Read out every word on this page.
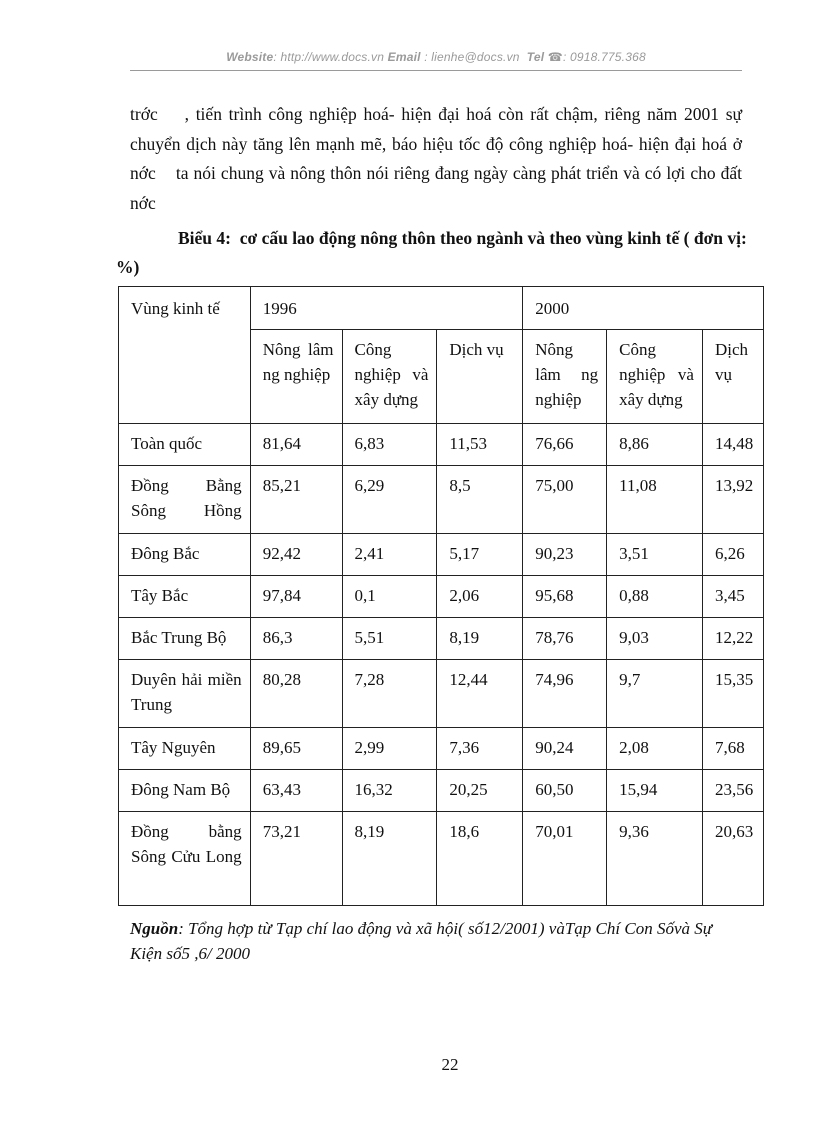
Website: http://www.docs.vn Email : lienhe@docs.vn Tel ☎: 0918.775.368
trớc    , tiến trình công nghiệp hoá- hiện đại hoá còn rất chậm, riêng năm 2001 sự chuyển dịch này tăng lên mạnh mẽ, báo hiệu tốc độ công nghiệp hoá- hiện đại hoá ở nớc    ta nói chung và nông thôn nói riêng đang ngày càng phát triển và có lợi cho đất nớc
Biểu 4:  cơ cấu lao động nông thôn theo ngành và theo vùng kinh tế ( đơn vị:   %)
Vùng kinh tế	1996			2000		
	Nông lâm ng nghiệp	Công nghiệp và xây dựng	Dịch vụ	Nông lâm ng nghiệp	Công nghiệp và xây dựng	Dịch vụ
Toàn quốc	81,64	6,83	11,53	76,66	8,86	14,48
Đồng Bằng Sông Hồng	85,21	6,29	8,5	75,00	11,08	13,92
Đông Bắc	92,42	2,41	5,17	90,23	3,51	6,26
Tây Bắc	97,84	0,1	2,06	95,68	0,88	3,45
Bắc Trung Bộ	86,3	5,51	8,19	78,76	9,03	12,22
Duyên hải miền Trung	80,28	7,28	12,44	74,96	9,7	15,35
Tây Nguyên	89,65	2,99	7,36	90,24	2,08	7,68
Đông Nam Bộ	63,43	16,32	20,25	60,50	15,94	23,56
Đồng bằng Sông Cửu Long	73,21	8,19	18,6	70,01	9,36	20,63
Nguồn: Tổng hợp từ Tạp chí lao động và xã hội( số12/2001) vàTạp Chí Con Sốvà Sự Kiện số5 ,6/ 2000
22
